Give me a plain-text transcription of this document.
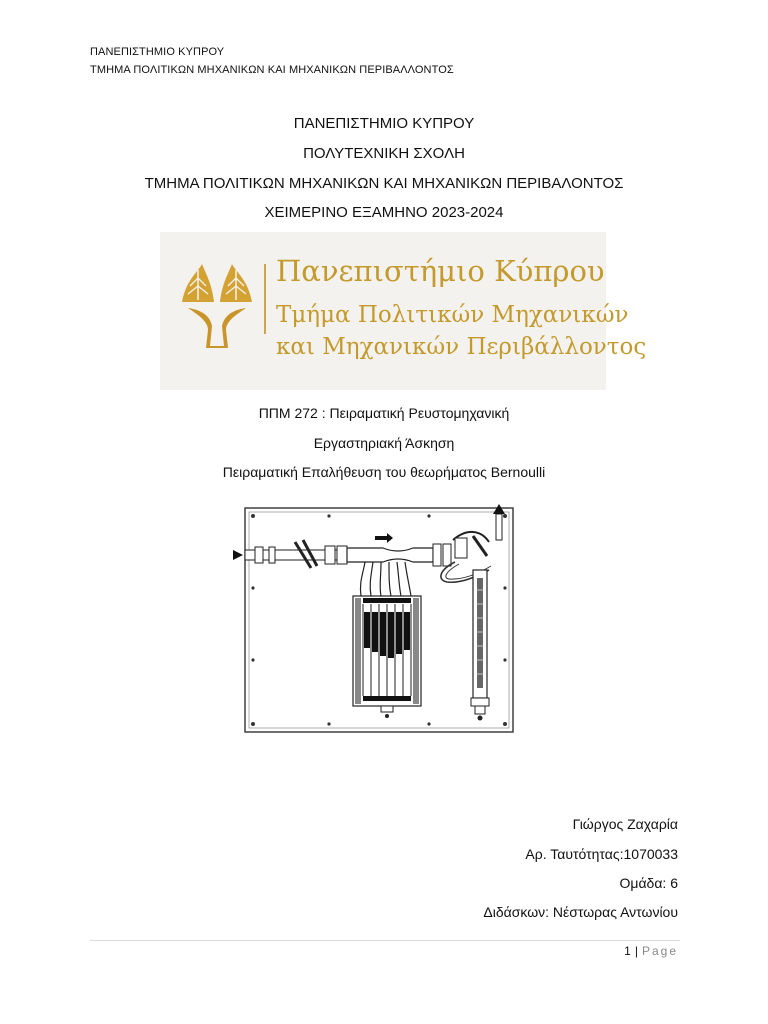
ΠΑΝΕΠΙΣΤΗΜΙΟ ΚΥΠΡΟΥ
ΤΜΗΜΑ ΠΟΛΙΤΙΚΩΝ ΜΗΧΑΝΙΚΩΝ ΚΑΙ ΜΗΧΑΝΙΚΩΝ ΠΕΡΙΒΑΛΛΟΝΤΟΣ
ΠΑΝΕΠΙΣΤΗΜΙΟ ΚΥΠΡΟΥ
ΠΟΛΥΤΕΧΝΙΚΗ ΣΧΟΛΗ
ΤΜΗΜΑ ΠΟΛΙΤΙΚΩΝ ΜΗΧΑΝΙΚΩΝ ΚΑΙ ΜΗΧΑΝΙΚΩΝ ΠΕΡΙΒΑΛΟΝΤΟΣ
ΧΕΙΜΕΡΙΝΟ ΕΞΑΜΗΝΟ 2023-2024
Πανεπιστήμιο Κύπρου
Τμήμα Πολιτικών Μηχανικών
και Μηχανικών Περιβάλλοντος
ΠΠΜ 272 : Πειραματική Ρευστομηχανική
Εργαστηριακή Άσκηση
Πειραματική Επαλήθευση του θεωρήματος Bernoulli
Γιώργος Ζαχαρία
Αρ. Ταυτότητας:1070033
Ομάδα: 6
Διδάσκων: Νέστωρας Αντωνίου
1 | Page
